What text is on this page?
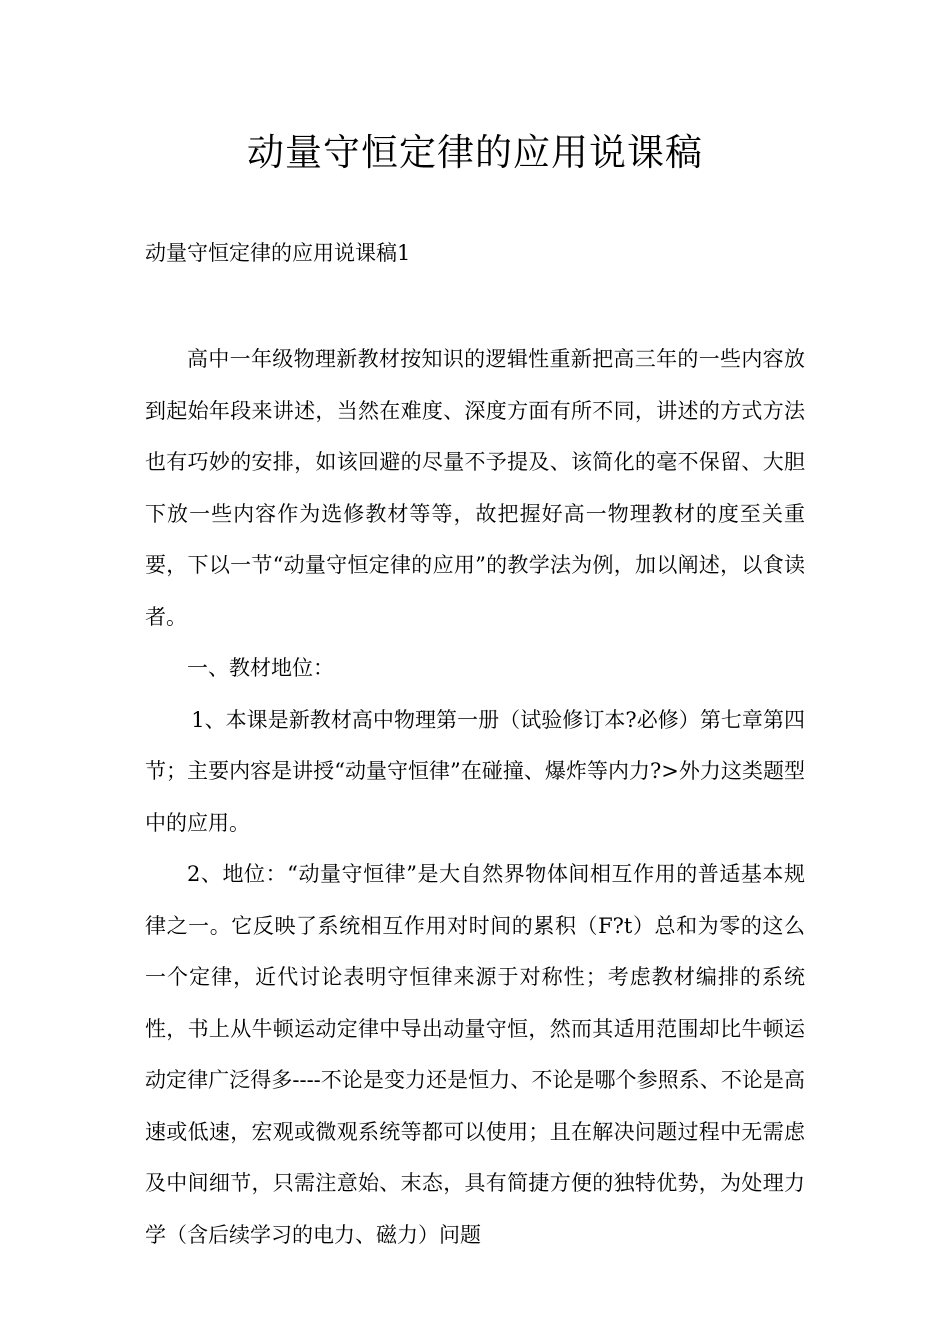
动量守恒定律的应用说课稿

动量守恒定律的应用说课稿1

高中一年级物理新教材按知识的逻辑性重新把高三年的一些内容放到起始年段来讲述，当然在难度、深度方面有所不同，讲述的方式方法也有巧妙的安排，如该回避的尽量不予提及、该简化的毫不保留、大胆下放一些内容作为选修教材等等，故把握好高一物理教材的度至关重要，下以一节“动量守恒定律的应用”的教学法为例，加以阐述，以食读者。

一、教材地位：

1、本课是新教材高中物理第一册（试验修订本?必修）第七章第四节；主要内容是讲授“动量守恒律”在碰撞、爆炸等内力?>外力这类题型中的应用。

2、地位：“动量守恒律”是大自然界物体间相互作用的普适基本规律之一。它反映了系统相互作用对时间的累积（F?t）总和为零的这么一个定律，近代讨论表明守恒律来源于对称性；考虑教材编排的系统性，书上从牛顿运动定律中导出动量守恒，然而其适用范围却比牛顿运动定律广泛得多----不论是变力还是恒力、不论是哪个参照系、不论是高速或低速，宏观或微观系统等都可以使用；且在解决问题过程中无需虑及中间细节，只需注意始、末态，具有简捷方便的独特优势，为处理力学（含后续学习的电力、磁力）问题
